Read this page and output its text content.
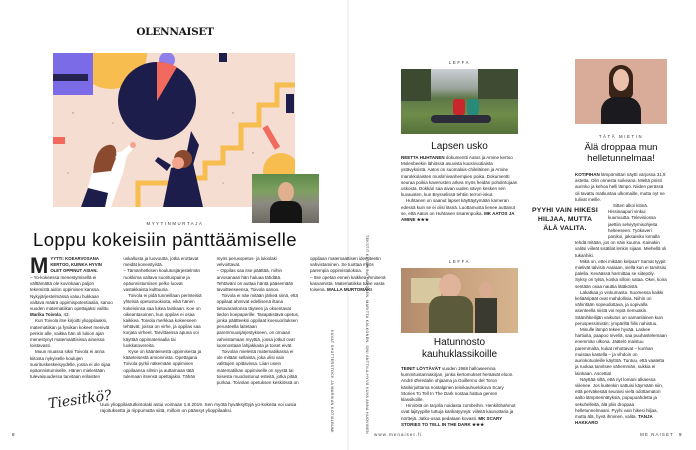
OLENNAISET
MYYTINMURTAJA
Loppu kokeisiin pänttäämiselle

MYYTTI: KOEARVOSANA KERTOO, KUINKA HYVIN OLET OPPINUT ASIAN.

– Yo-kokeessa menestymisellä ei välttämättä ole kovinkaan paljon tekemistä aidon oppimisen kanssa. Nykyjärjestelmässä valuu hukkaan valtava määrä oppimispotentiaalia, sanoo vuoden matematiikan opettajaksi valittu Marika Toivola, 43.

Kun Toivola itse kirjoitti ylioppilaaksi, matematiikan ja fysiikan kokeet menivät penkin alle, vaikka hän oli lukion ajan menestynyt matemaattisissa aineissa loistavasti.

Muun muassa siksi Toivola ei anna kiitosta nykyiselle koulujen suorituskeskeisyydelle, jossa ei ole sijaa epäonnistumiselle. Hänen mielestään tulevaisuudessa tarvitaan erilaisten uskallusta ja luovuutta, jotka erottavat meidät koneistyistä.

– Tämänhetkisen koulutusjärjestelmän ruokkima valtava suorituspaine ja epäonnistumisen pelko luovat vastakkaista kulttuuria.

Toivola ei pidä tunneillaan perinteisiä yhteisiä opetustuokioita, eikä hänen kokeisiinsa saa lukea lainkaan. Koe on oikeantasoinen, kun oppilas ei osaa kaikkea. Toivola merkkaa kokeeseen tehtävät, joissa on virhe, ja oppilas saa korjata virheet. Tarvittaessa apuna voi käyttää oppimateriaalia tai luokkatovereita.

Kyse on käänteisestä oppimisesta ja käänteisestä arvioinnista. Opettajana Toivola pyrkii näkemään oppimisen oppilaansa silmin ja auttamaan tätä tulemaan itsensä opettajaksi. Tähän myös perusopetus- ja lukiolaki velvoittavat.

– Oppilas saa itse päättää, mihin arvosanaan hän haluaa tähdätä. Tehtäväni on auttaa häntä pääsemään tavoitteeseensa, Toivola sanoo.

Toivola ei näe mitään järkeä siinä, että oppilaat ahmivat edellisenä iltana tietovarastonsa täyteen ja oksentavat tiedon koepaperille. Tasapäistävä opetus, jonka päätteeksi oppilaat koesuorituksen perusteella laitetaan paremmuusjärjestykseen, on omiaan vahvistamaan myyttiä, jossa jotkut ovat luonnostaan lahjakkaita ja toiset eivät.

Toivolan mielestä matematiikassa ei ole mitään sellaista, joka olisi vain valittujen opittavissa. Liian usein matematiikan oppimiselle on syystä tai toisesta muodostunut esteitä, jotka pitää purkaa. Toivolan opetuksen keskiössä on oppilaan matemaattisen identiteetin vahvistaminen. Se tuottaa myös parempia oppimistuloksia.

– Itse opetan ennen kaikkea ihmisenä kasvamista. Matematiikka tulee vasta toisena. MALLA MURTOMÄKI

Tiesitkö?
Uusi ylioppilastutkintolaki astui voimaan 1.8.2019. Sen myötä hyväksyttyjä yo-kokeita voi uusia rajoituksetta ja riippumatta siitä, milloin on päässyt ylioppilaaksi.
8
KUVAT SHUTTERSTOCK JA MARIKAN KOTIALBUMI	TEKSTIT KATARIINA HAVONEN, MARITTA KALKONEN, SINI ANTTILA-HYVÄ KUVA ANNA HUOVINEN
LEFFA
Lapsen usko

REETTA HUHTANEN dokumentti Aatos ja Amine kertoo Molenbeekin lähiössä asuvista kuusivuotiaista ystävyksistä. Aatos on suomalais-chileläinen ja Amine marokkolaisten muslimivanhempien poika. Dokumentti seuraa poikia kaverusten arkea myös heidän pohdintojaan uskosta. Dokkari saa aivan uuden sävyn kesken sen kuvausten, kun Brysselissä tehtiin terrori-iskut.

Huhtanen on saanut lapset käyttäytymään kameran edessä kuin se ei olisi läsnä. Luottamusta lienee auttanut se, että Aatos on Huhtasen sisarenpoika. MK AATOS JA AMINE ★★★

LEFFA
Hatunnosto kauhuklassikoille

TEINIT LÖYTÄVÄT vuoden 1968 halloweenina kummitustarinakirjan, jonka kertomukset heräävät eloon. André Øvredalin ohjaama ja Guillermo del Toron käsikirjoittama nostalginen teinikauhuelokuva Scary Stories To Tell In The Dark nostaa hattua genren klassikoille.

Hirviöitä on tarjolla noidasta zombeihin. Henkilöhahmot ovat lajityypille tuttuja karikatyyrejä: viileitä kaunottaria ja nörttejä. Jatko-osaa pedataan kovasti. MK SCARY STORIES TO TELL IN THE DARK ★★★

TÄTÄ MIETIN
Älä droppaa mun helletunnelmaa!
PYYHI VAIN HIKESI HILJAA, MUTTA ÄLÄ VALITA.

KOTIPIHAN lämpömittari näytti varjossa 31,8 astetta. Olin onnesta soikeana. Mieltä piristi aurinko ja kehoa helli lämpö. Niiden perässä oli tavattu matkustaa ulkomaille, mutta nyt ne tulivat meille.

Sitten alkoi kitinä. Hissinaapuri vinkui kuumuutta. Televisiossa jaettiin selviytymisohjeita helteeseen. Työkaveri panikoi, jaksaisiko lomalla tehdä mitään, jos on näin kuuma. Kainakin valitsi viileät sisätilat lenkin sijaan. Miehellä oli tukanhiki.

Mikä on, ettei mikään kelpaa? Samat tyypit mielivät talvisin Aasiaan, siellä kun ei tarvitsisi palella. Keväässä harmittaa se siitepöly. Syksy on tylsä, koska silloin sataa. Okei, koira sentään osaa nauttia lätäköistä.

Lakatkaa jo vinkumasta. Suomessa kaikki keliääripäät ovat mahdollisia. Niihin on vähintään sopeuduttava, ja sopivalla asenteella niistä voi repiä riemuakin. Säänihkeilijän vaikutus on samanlainen kuin peruspessimistin: ympäriltä fiilis nahistuu.

Minulle lämpö tekee hyvää. Laskee hartioita, paapoo niveliä, saa puuhastelemaan enemmän ulkona. Jäätelö maistuu paremmalta, kukat rehottavat – kunhan muistaa kastella – ja vihdoin on aurinkotuoleille käyttöä. Tuntuu, että vaatetta ja ruokaa tarvitsee vähemmän, sukkia ei lainkaan. Ascettia!

Näyttää siltä, että nyt lomani alkaessa viilenee. Jos kuitenkin sattuisi käymään niin, että perväkesää seuraisi vielä odottamaton aalto lämpöennätyksiä, popupoahdetta ja sekuhelleitä, älä pliis droppaa helletunnelmaani. Pyyhi vain hikesi hiljaa, mutta älä, hyvä ihminen, valita. TANJA HAKKARO

www.menaiset.fi	ME NAISET 9
